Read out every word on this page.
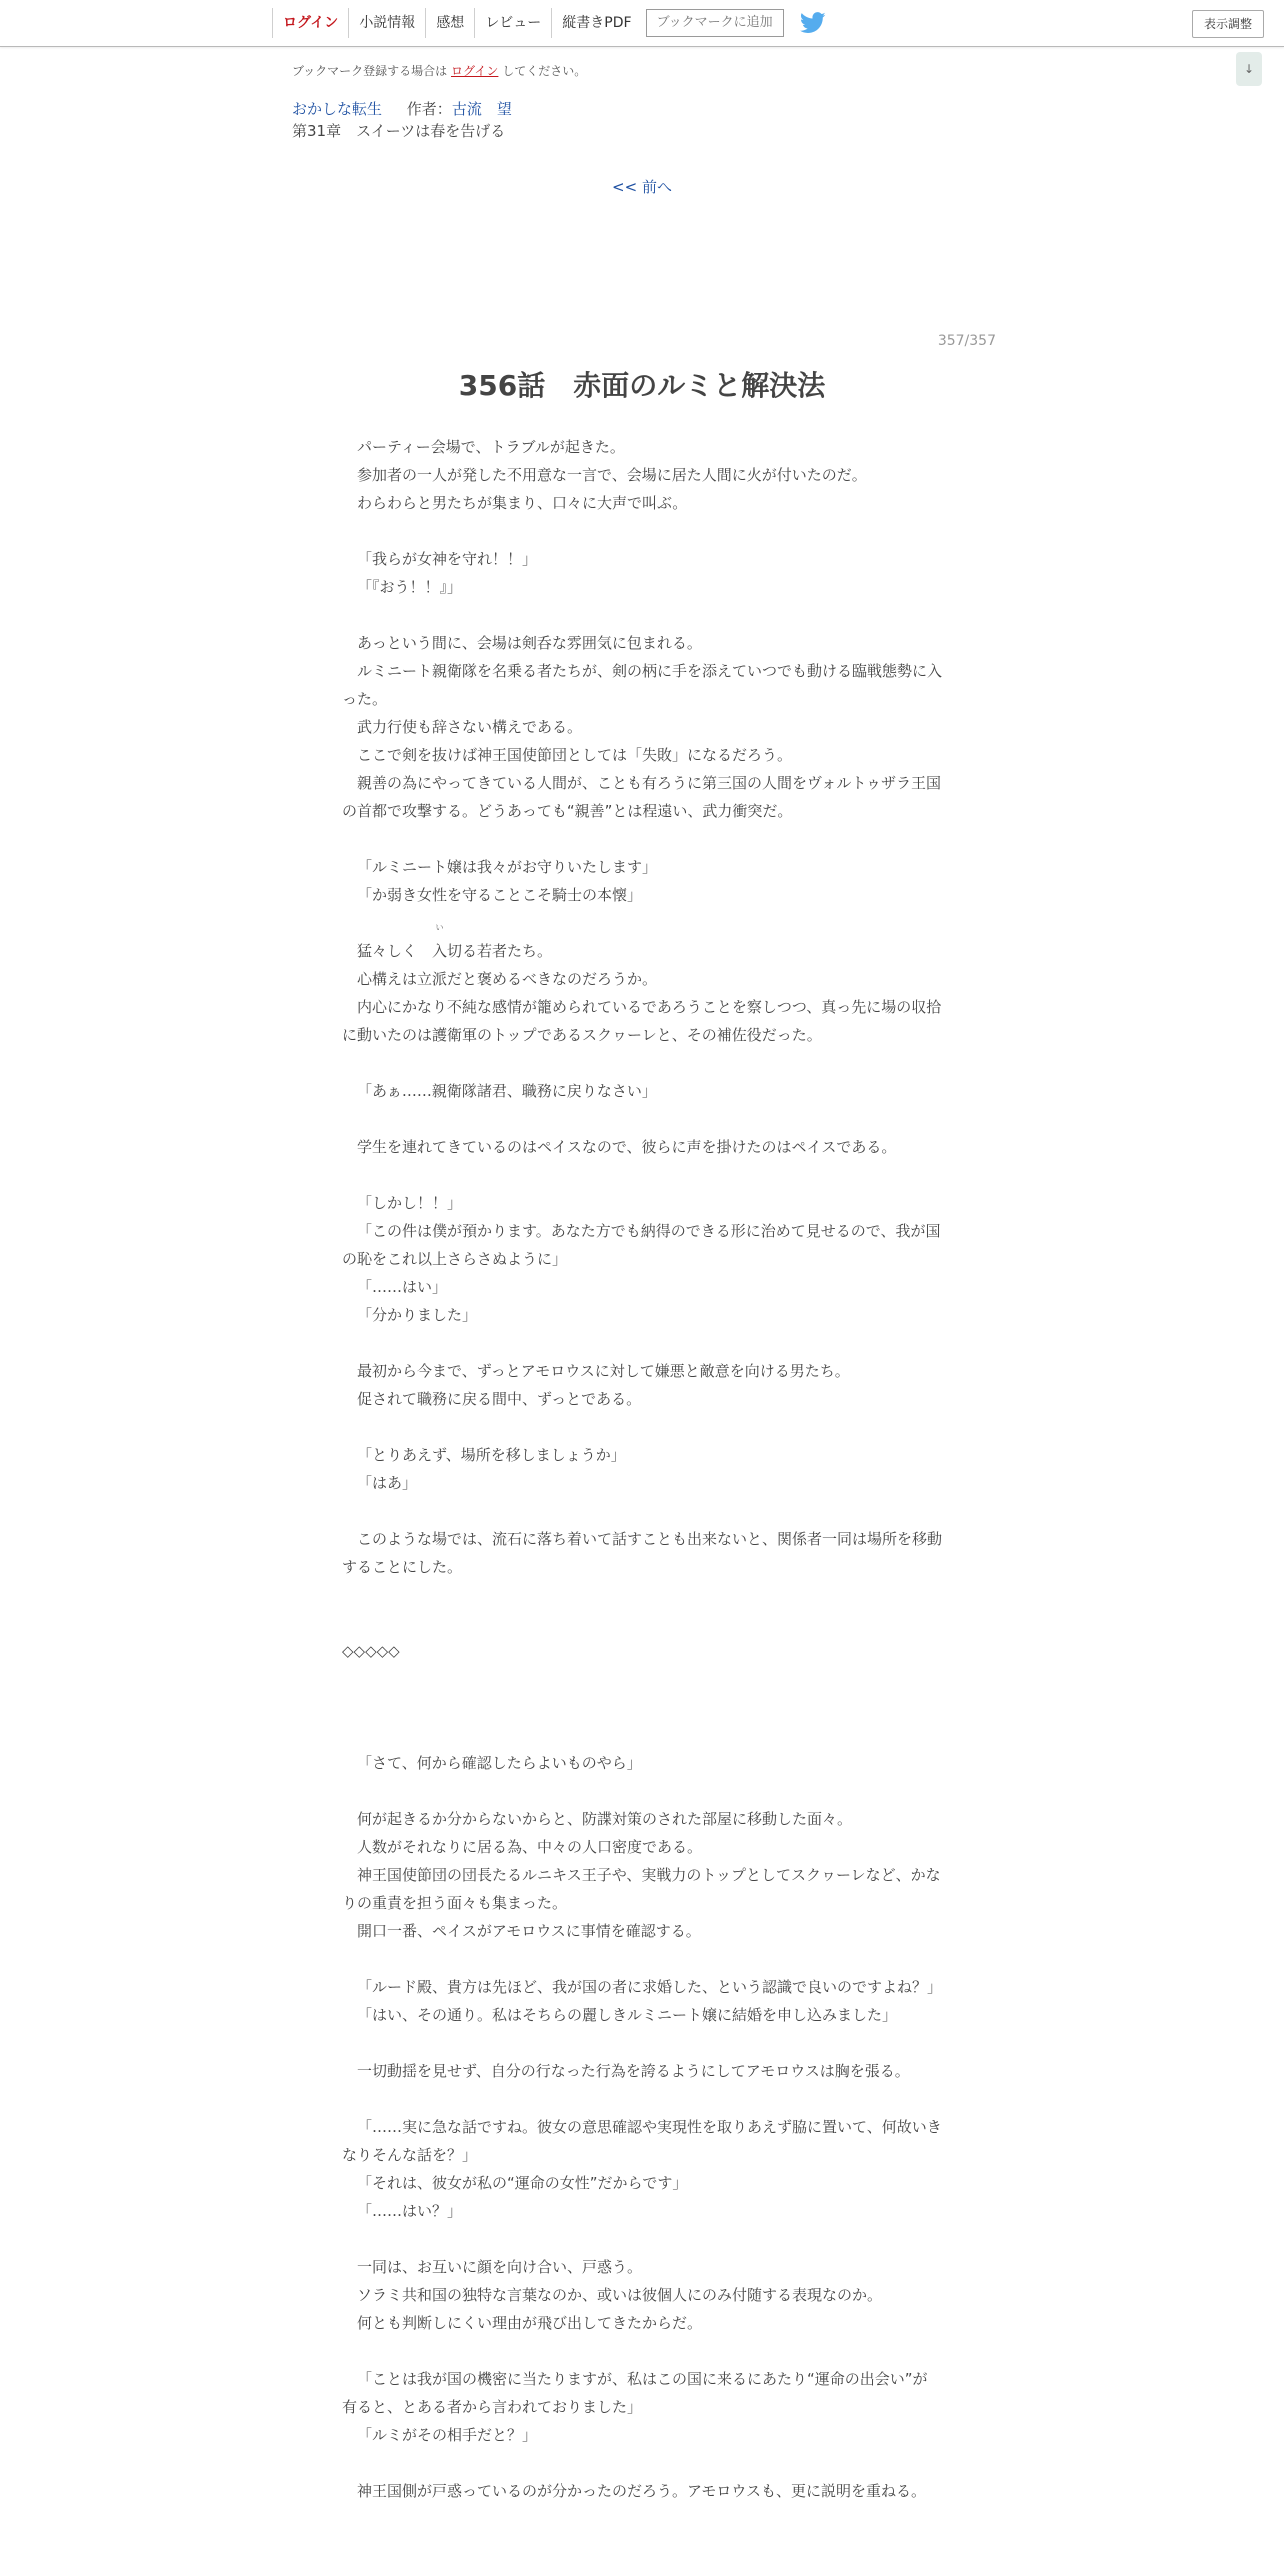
ログイン	小説情報	感想	レビュー	縦書きPDF	ブックマークに追加	表示調整
↓
ブックマーク登録する場合は ログイン してください。
おかしな転生 作者：古流　望
第31章　スイーツは春を告げる
<< 前へ
357/357
356話　赤面のルミと解決法

パーティー会場で、トラブルが起きた。

参加者の一人が発した不用意な一言で、会場に居た人間に火が付いたのだ。

わらわらと男たちが集まり、口々に大声で叫ぶ。

「我らが女神を守れ！！」

「『おう！！』」

あっという間に、会場は剣呑な雰囲気に包まれる。

ルミニート親衛隊を名乗る者たちが、剣の柄に手を添えていつでも動ける臨戦態勢に入った。

武力行使も辞さない構えである。

ここで剣を抜けば神王国使節団としては「失敗」になるだろう。

親善の為にやってきている人間が、ことも有ろうに第三国の人間をヴォルトゥザラ王国の首都で攻撃する。どうあっても“親善”とは程遠い、武力衝突だ。

「ルミニート嬢は我々がお守りいたします」

「か弱き女性を守ることこそ騎士の本懐」

猛々しく
い
入切る若者たち。

心構えは立派だと褒めるべきなのだろうか。

内心にかなり不純な感情が籠められているであろうことを察しつつ、真っ先に場の収拾に動いたのは護衛軍のトップであるスクヮーレと、その補佐役だった。

「あぁ……親衛隊諸君、職務に戻りなさい」

学生を連れてきているのはペイスなので、彼らに声を掛けたのはペイスである。

「しかし！！」

「この件は僕が預かります。あなた方でも納得のできる形に治めて見せるので、我が国の恥をこれ以上さらさぬように」

「……はい」

「分かりました」

最初から今まで、ずっとアモロウスに対して嫌悪と敵意を向ける男たち。

促されて職務に戻る間中、ずっとである。

「とりあえず、場所を移しましょうか」

「はあ」

このような場では、流石に落ち着いて話すことも出来ないと、関係者一同は場所を移動することにした。

◇◇◇◇◇

「さて、何から確認したらよいものやら」

何が起きるか分からないからと、防諜対策のされた部屋に移動した面々。

人数がそれなりに居る為、中々の人口密度である。

神王国使節団の団長たるルニキス王子や、実戦力のトップとしてスクヮーレなど、かなりの重責を担う面々も集まった。

開口一番、ペイスがアモロウスに事情を確認する。

「ルード殿、貴方は先ほど、我が国の者に求婚した、という認識で良いのですよね？」

「はい、その通り。私はそちらの麗しきルミニート嬢に結婚を申し込みました」

一切動揺を見せず、自分の行なった行為を誇るようにしてアモロウスは胸を張る。

「……実に急な話ですね。彼女の意思確認や実現性を取りあえず脇に置いて、何故いきなりそんな話を？」

「それは、彼女が私の“運命の女性”だからです」

「……はい？」

一同は、お互いに顔を向け合い、戸惑う。

ソラミ共和国の独特な言葉なのか、或いは彼個人にのみ付随する表現なのか。

何とも判断しにくい理由が飛び出してきたからだ。

「ことは我が国の機密に当たりますが、私はこの国に来るにあたり“運命の出会い”が有ると、とある者から言われておりました」

「ルミがその相手だと？」

神王国側が戸惑っているのが分かったのだろう。アモロウスも、更に説明を重ねる。
